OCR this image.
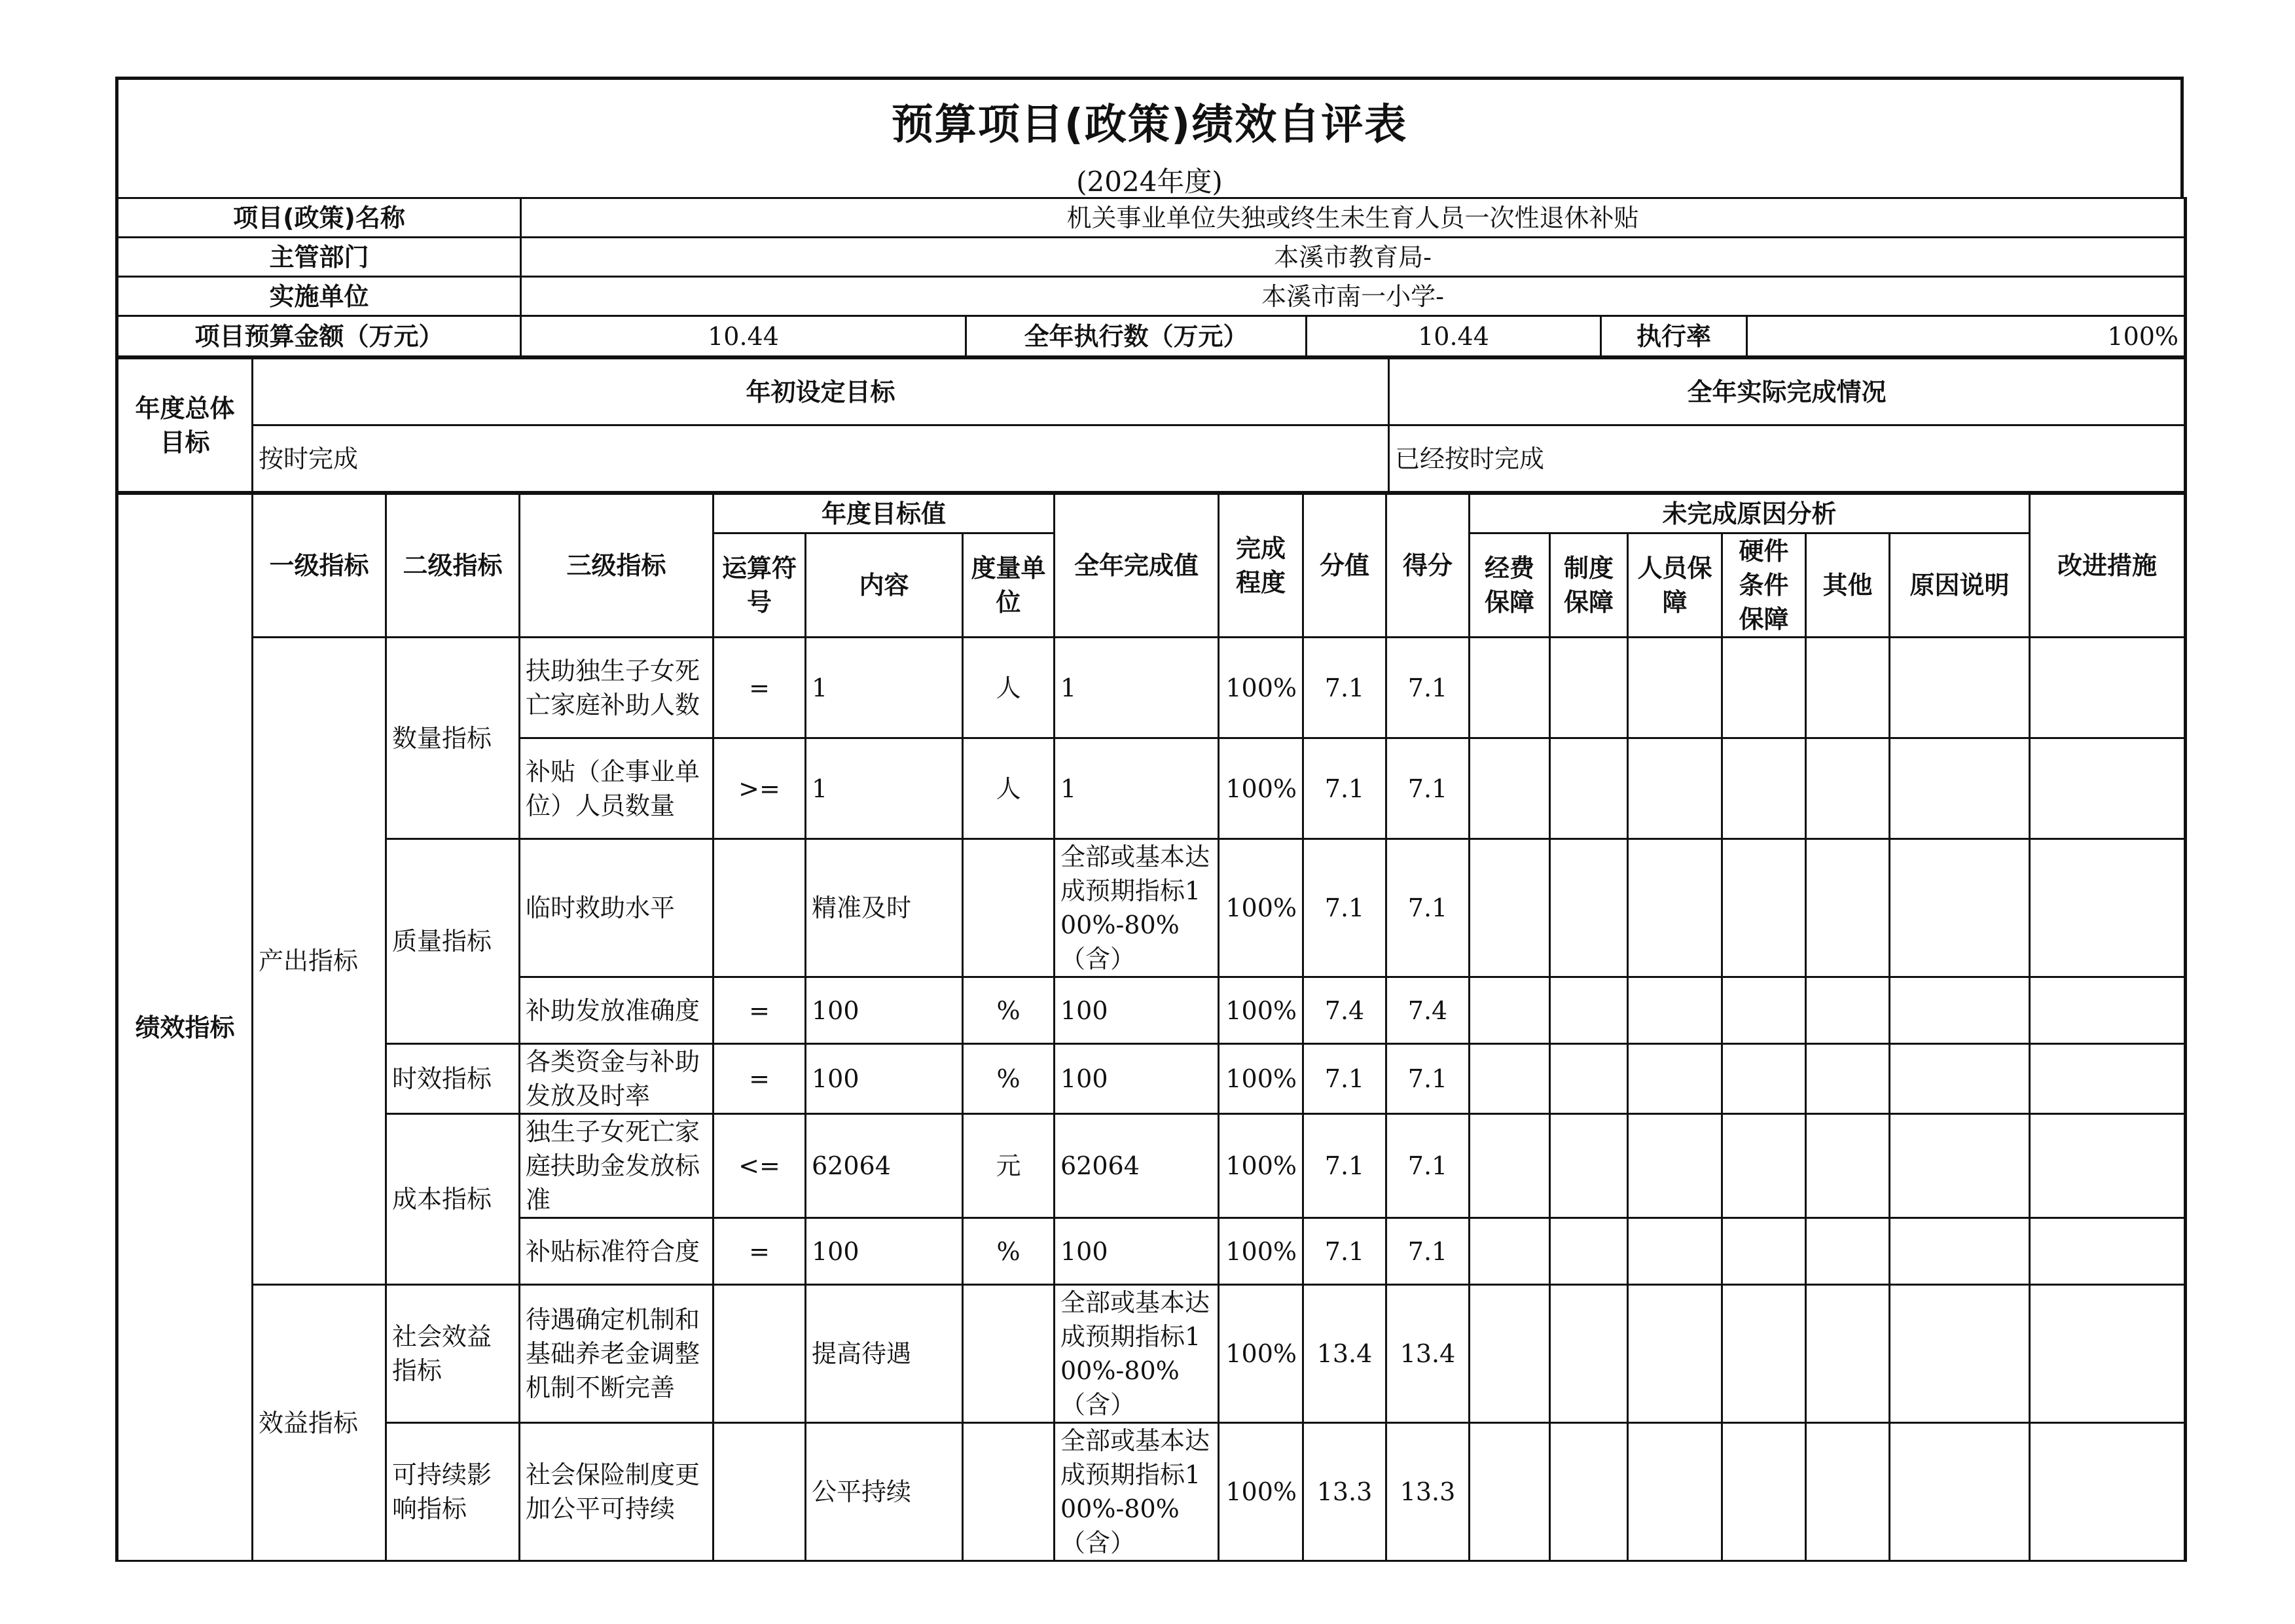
预算项目(政策)绩效自评表
(2024年度)
项目(政策)名称	机关事业单位失独或终生未生育人员一次性退休补贴				
主管部门	本溪市教育局-				
实施单位	本溪市南一小学-				
项目预算金额（万元）	10.44	全年执行数（万元）	10.44	执行率	100%
年度总体目标	年初设定目标	全年实际完成情况
	按时完成	已经按时完成
绩效指标	一级指标	二级指标	三级指标	年度目标值			全年完成值	完成程度	分值	得分	未完成原因分析						改进措施
				运算符号	内容	度量单位					经费保障	制度保障	人员保障	硬件条件保障	其他	原因说明	
	产出指标	数量指标	扶助独生子女死亡家庭补助人数	=	1	人	1	100%	7.1	7.1							
			补贴（企事业单位）人员数量	>=	1	人	1	100%	7.1	7.1							
		质量指标	临时救助水平		精准及时		全部或基本达成预期指标100%-80%（含）	100%	7.1	7.1							
			补助发放准确度	=	100	%	100	100%	7.4	7.4							
		时效指标	各类资金与补助发放及时率	=	100	%	100	100%	7.1	7.1							
		成本指标	独生子女死亡家庭扶助金发放标准	<=	62064	元	62064	100%	7.1	7.1							
			补贴标准符合度	=	100	%	100	100%	7.1	7.1							
	效益指标	社会效益指标	待遇确定机制和基础养老金调整机制不断完善		提高待遇		全部或基本达成预期指标100%-80%（含）	100%	13.4	13.4							
		可持续影响指标	社会保险制度更加公平可持续		公平持续		全部或基本达成预期指标100%-80%（含）	100%	13.3	13.3							
